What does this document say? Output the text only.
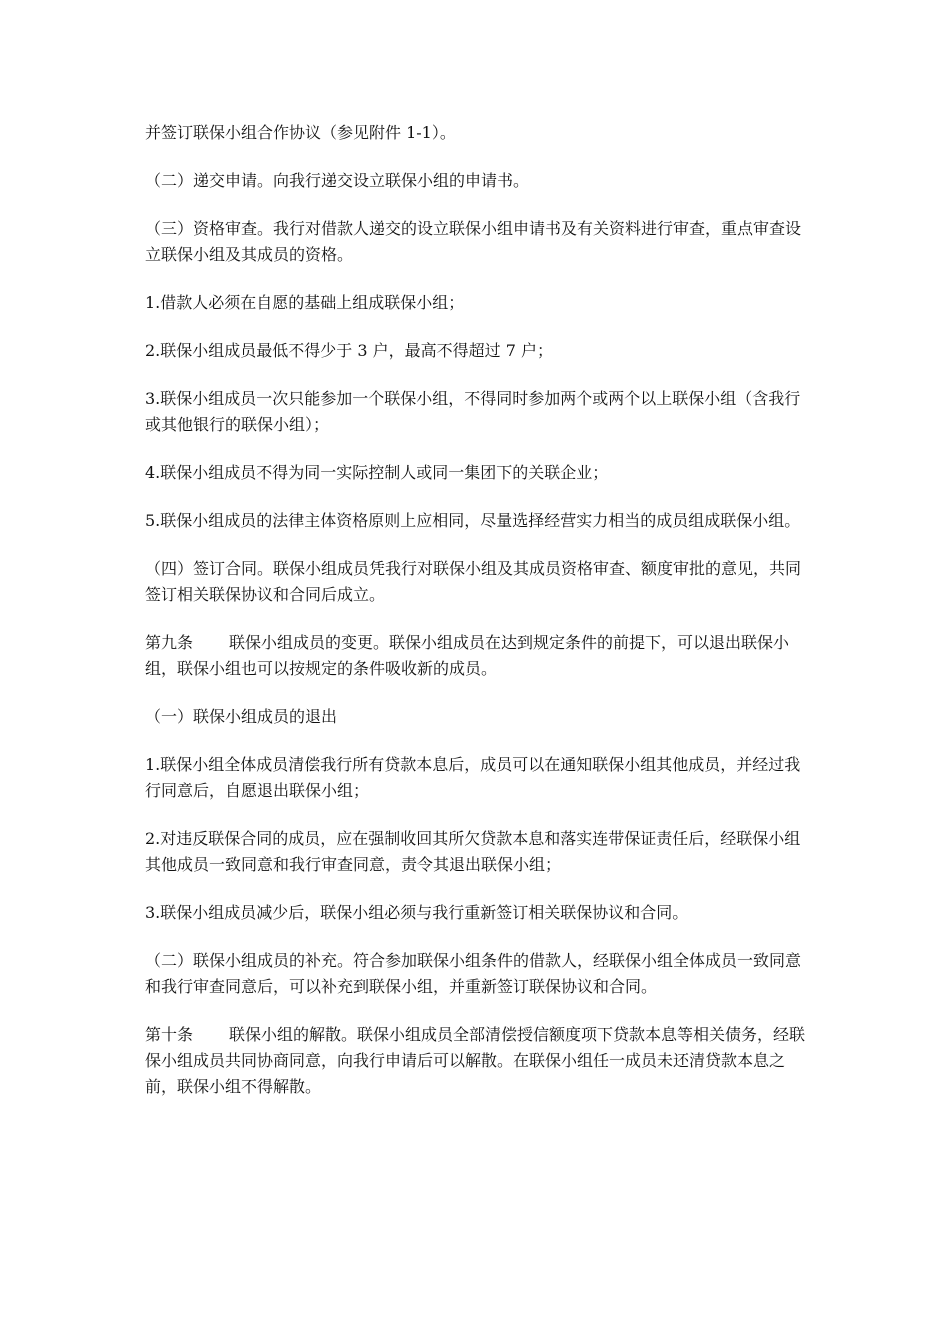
并签订联保小组合作协议（参见附件 1-1）。

（二）递交申请。向我行递交设立联保小组的申请书。

（三）资格审查。我行对借款人递交的设立联保小组申请书及有关资料进行审查，重点审查设立联保小组及其成员的资格。

1.借款人必须在自愿的基础上组成联保小组；

2.联保小组成员最低不得少于 3 户，最高不得超过 7 户；

3.联保小组成员一次只能参加一个联保小组，不得同时参加两个或两个以上联保小组（含我行或其他银行的联保小组）；

4.联保小组成员不得为同一实际控制人或同一集团下的关联企业；

5.联保小组成员的法律主体资格原则上应相同，尽量选择经营实力相当的成员组成联保小组。

（四）签订合同。联保小组成员凭我行对联保小组及其成员资格审查、额度审批的意见，共同签订相关联保协议和合同后成立。

第九条 联保小组成员的变更。联保小组成员在达到规定条件的前提下，可以退出联保小组，联保小组也可以按规定的条件吸收新的成员。

（一）联保小组成员的退出

1.联保小组全体成员清偿我行所有贷款本息后，成员可以在通知联保小组其他成员，并经过我行同意后，自愿退出联保小组；

2.对违反联保合同的成员，应在强制收回其所欠贷款本息和落实连带保证责任后，经联保小组其他成员一致同意和我行审查同意，责令其退出联保小组；

3.联保小组成员减少后，联保小组必须与我行重新签订相关联保协议和合同。

（二）联保小组成员的补充。符合参加联保小组条件的借款人，经联保小组全体成员一致同意和我行审查同意后，可以补充到联保小组，并重新签订联保协议和合同。

第十条 联保小组的解散。联保小组成员全部清偿授信额度项下贷款本息等相关债务，经联保小组成员共同协商同意，向我行申请后可以解散。在联保小组任一成员未还清贷款本息之前，联保小组不得解散。
